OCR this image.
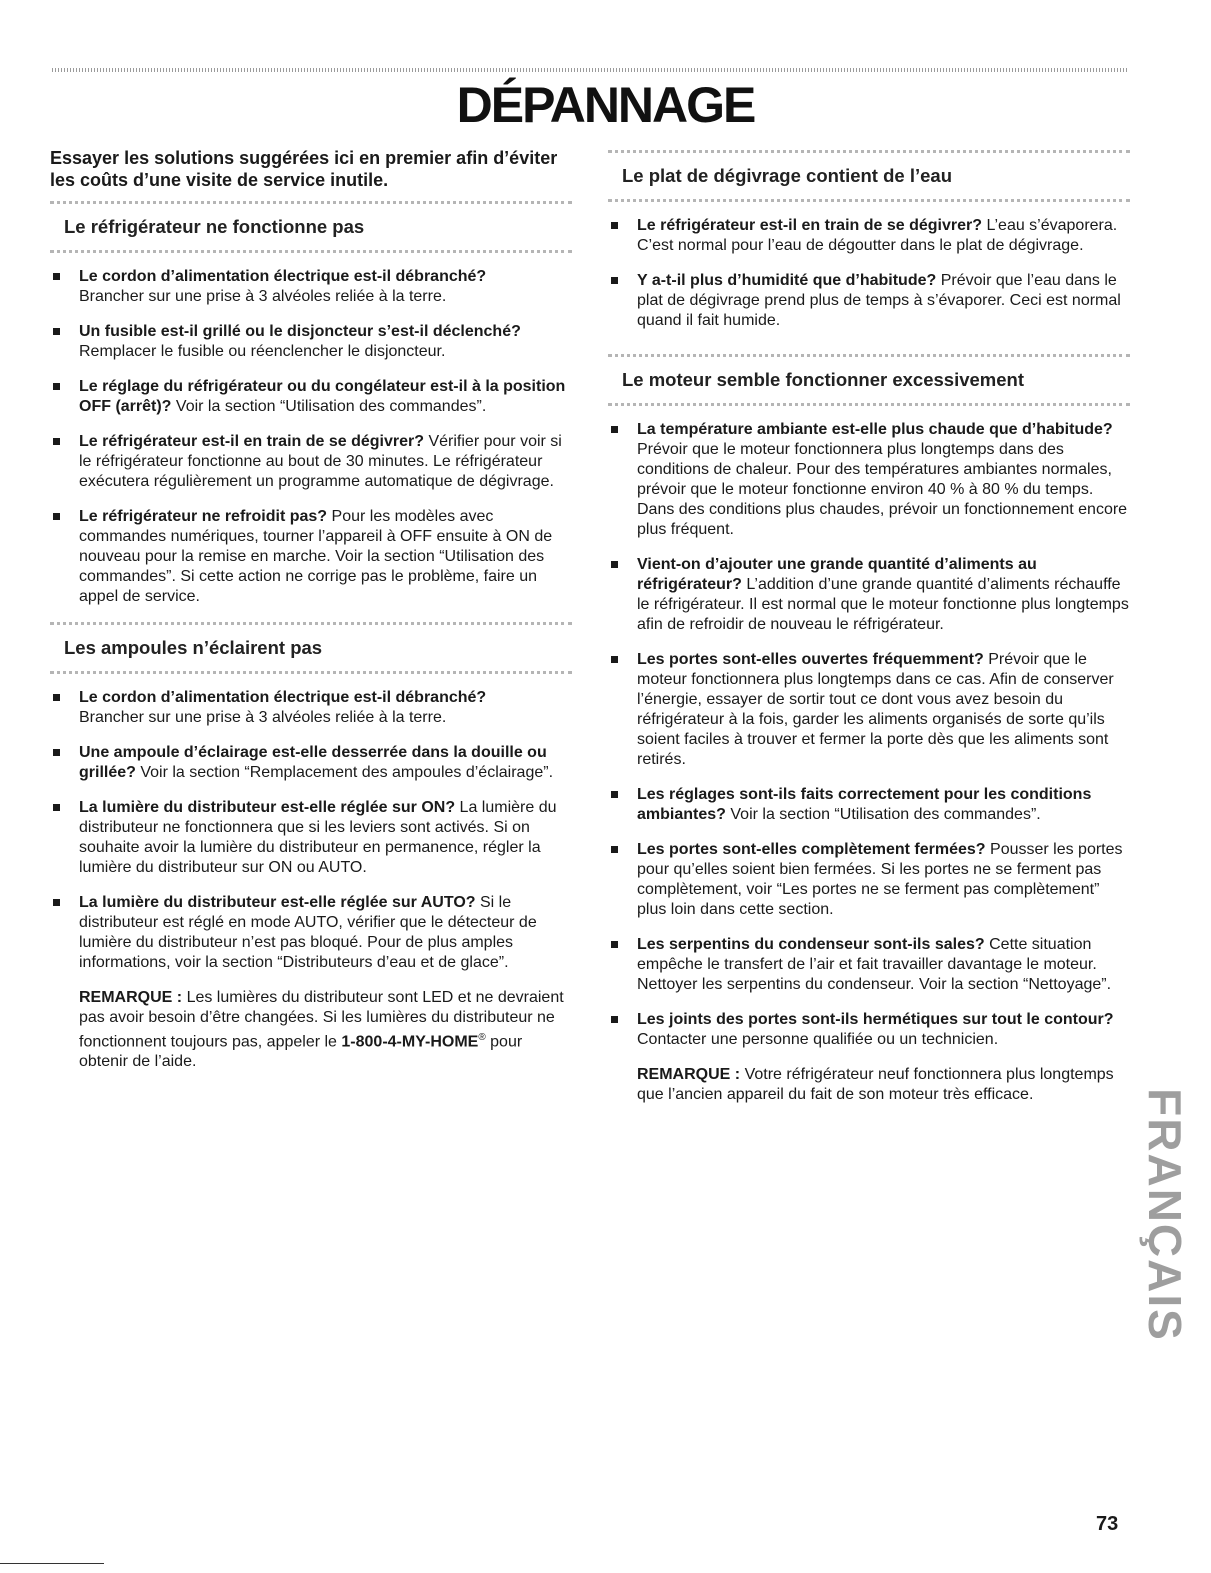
DÉPANNAGE
Essayer les solutions suggérées ici en premier afin d’éviter les coûts d’une visite de service inutile.
Le réfrigérateur ne fonctionne pas
Le cordon d’alimentation électrique est-il débranché?
Brancher sur une prise à 3 alvéoles reliée à la terre.
Un fusible est-il grillé ou le disjoncteur s’est-il déclenché?
Remplacer le fusible ou réenclencher le disjoncteur.
Le réglage du réfrigérateur ou du congélateur est-il à la position OFF (arrêt)? Voir la section “Utilisation des commandes”.
Le réfrigérateur est-il en train de se dégivrer? Vérifier pour voir si le réfrigérateur fonctionne au bout de 30 minutes. Le réfrigérateur exécutera régulièrement un programme automatique de dégivrage.
Le réfrigérateur ne refroidit pas? Pour les modèles avec commandes numériques, tourner l’appareil à OFF ensuite à ON de nouveau pour la remise en marche. Voir la section “Utilisation des commandes”. Si cette action ne corrige pas le problème, faire un appel de service.
Les ampoules n’éclairent pas
Le cordon d’alimentation électrique est-il débranché?
Brancher sur une prise à 3 alvéoles reliée à la terre.
Une ampoule d’éclairage est-elle desserrée dans la douille ou grillée? Voir la section “Remplacement des ampoules d’éclairage”.
La lumière du distributeur est-elle réglée sur ON? La lumière du distributeur ne fonctionnera que si les leviers sont activés. Si on souhaite avoir la lumière du distributeur en permanence, régler la lumière du distributeur sur ON ou AUTO.
La lumière du distributeur est-elle réglée sur AUTO? Si le distributeur est réglé en mode AUTO, vérifier que le détecteur de lumière du distributeur n’est pas bloqué. Pour de plus amples informations, voir la section “Distributeurs d’eau et de glace”.
REMARQUE : Les lumières du distributeur sont LED et ne devraient pas avoir besoin d’être changées. Si les lumières du distributeur ne fonctionnent toujours pas, appeler le 1-800-4-MY-HOME® pour obtenir de l’aide.
Le plat de dégivrage contient de l’eau
Le réfrigérateur est-il en train de se dégivrer? L’eau s’évaporera. C’est normal pour l’eau de dégoutter dans le plat de dégivrage.
Y a-t-il plus d’humidité que d’habitude? Prévoir que l’eau dans le plat de dégivrage prend plus de temps à s’évaporer. Ceci est normal quand il fait humide.
Le moteur semble fonctionner excessivement
La température ambiante est-elle plus chaude que d’habitude? Prévoir que le moteur fonctionnera plus longtemps dans des conditions de chaleur. Pour des températures ambiantes normales, prévoir que le moteur fonctionne environ 40 % à 80 % du temps. Dans des conditions plus chaudes, prévoir un fonctionnement encore plus fréquent.
Vient-on d’ajouter une grande quantité d’aliments au réfrigérateur? L’addition d’une grande quantité d’aliments réchauffe le réfrigérateur. Il est normal que le moteur fonctionne plus longtemps afin de refroidir de nouveau le réfrigérateur.
Les portes sont-elles ouvertes fréquemment? Prévoir que le moteur fonctionnera plus longtemps dans ce cas. Afin de conserver l’énergie, essayer de sortir tout ce dont vous avez besoin du réfrigérateur à la fois, garder les aliments organisés de sorte qu’ils soient faciles à trouver et fermer la porte dès que les aliments sont retirés.
Les réglages sont-ils faits correctement pour les conditions ambiantes? Voir la section “Utilisation des commandes”.
Les portes sont-elles complètement fermées? Pousser les portes pour qu’elles soient bien fermées. Si les portes ne se ferment pas complètement, voir “Les portes ne se ferment pas complètement” plus loin dans cette section.
Les serpentins du condenseur sont-ils sales? Cette situation empêche le transfert de l’air et fait travailler davantage le moteur. Nettoyer les serpentins du condenseur. Voir la section “Nettoyage”.
Les joints des portes sont-ils hermétiques sur tout le contour? Contacter une personne qualifiée ou un technicien.
REMARQUE : Votre réfrigérateur neuf fonctionnera plus longtemps que l’ancien appareil du fait de son moteur très efficace.	FRANÇAIS
73
